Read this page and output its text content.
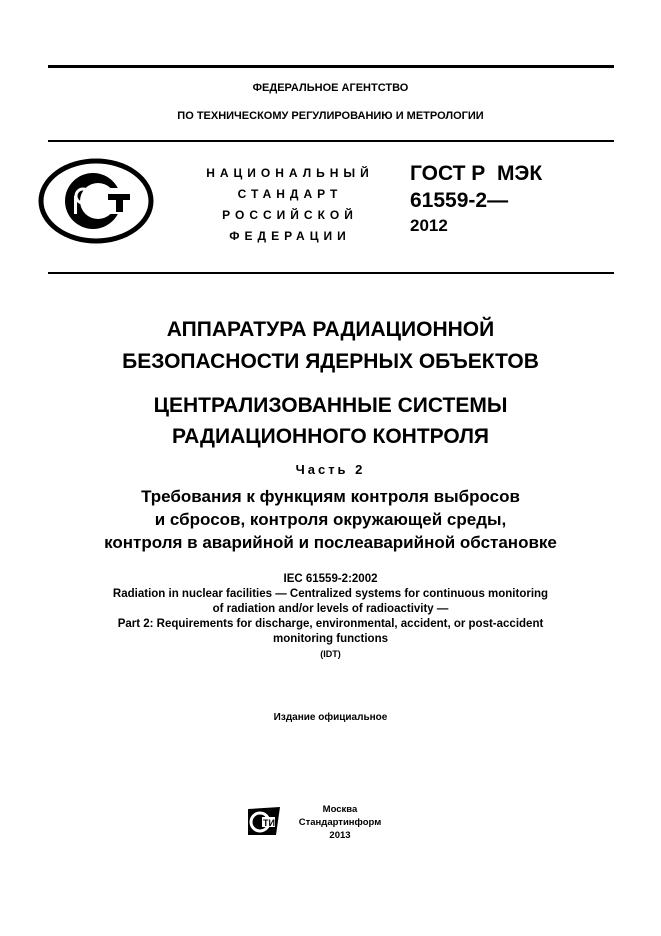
ФЕДЕРАЛЬНОЕ АГЕНТСТВО
ПО ТЕХНИЧЕСКОМУ РЕГУЛИРОВАНИЮ И МЕТРОЛОГИИ
НАЦИОНАЛЬНЫЙ
СТАНДАРТ
РОССИЙСКОЙ
ФЕДЕРАЦИИ
ГОСТ Р  МЭК
61559-2—
2012
АППАРАТУРА РАДИАЦИОННОЙ
БЕЗОПАСНОСТИ ЯДЕРНЫХ ОБЪЕКТОВ
ЦЕНТРАЛИЗОВАННЫЕ СИСТЕМЫ
РАДИАЦИОННОГО КОНТРОЛЯ
Часть 2
Требования к функциям контроля выбросов
и сбросов, контроля окружающей среды,
контроля в аварийной и послеаварийной обстановке
IEC 61559-2:2002
Radiation in nuclear facilities — Centralized systems for continuous monitoring
of radiation and/or levels of radioactivity —
Part 2: Requirements for discharge, environmental, accident, or post-accident
monitoring functions
(IDT)
Издание официальное
ТИ
Москва
Стандартинформ
2013
